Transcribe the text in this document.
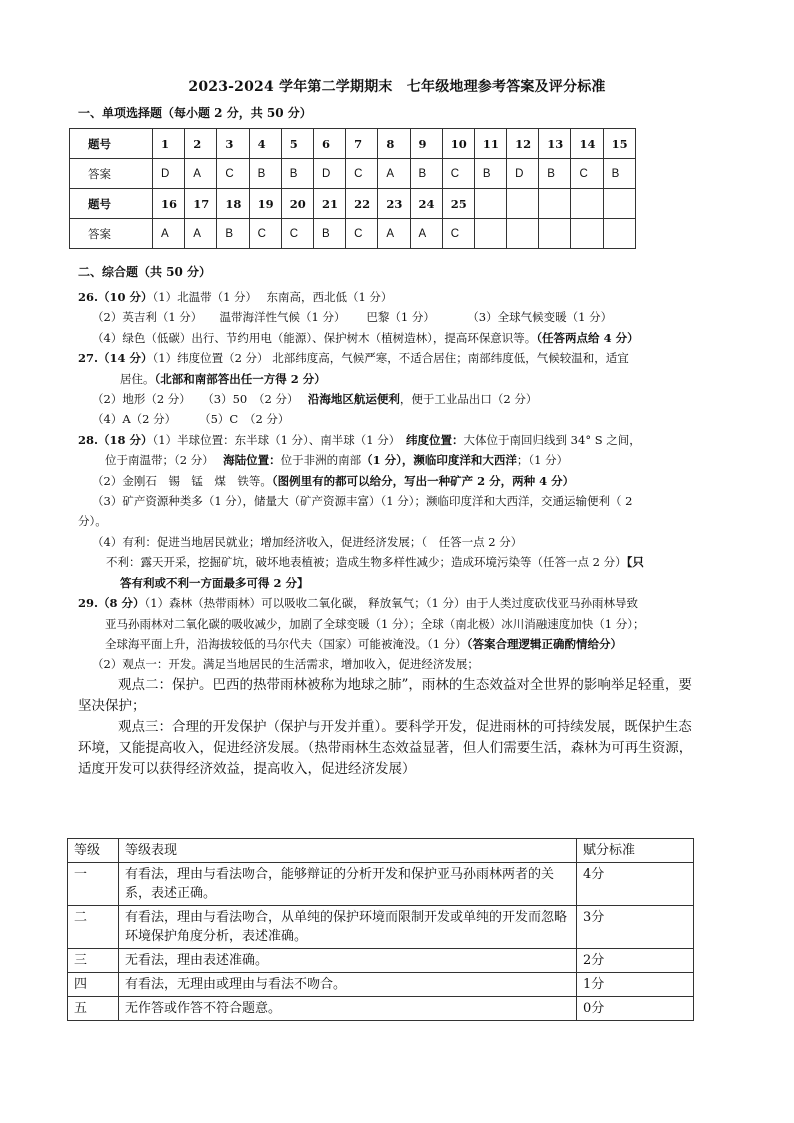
2023-2024 学年第二学期期末　七年级地理参考答案及评分标准
一、单项选择题（每小题 2 分，共 50 分）
题号	1	2	3	4	5	6	7	8	9	10	11	12	13	14	15
答案	D	A	C	B	B	D	C	A	B	C	B	D	B	C	B
题号	16	17	18	19	20	21	22	23	24	25					
答案	A	A	B	C	C	B	C	A	A	C					
二、综合题（共 50 分）
26.（10 分）（1）北温带（1 分）　 东南高，西北低（1 分）
（2）英吉利（1 分）　　温带海洋性气候（1 分）　　 巴黎（1 分）　　　 （3）全球气候变暖（1 分）
（4）绿色（低碳）出行、节约用电（能源）、保护树木（植树造林），提高环保意识等。（任答两点给 4 分）
27.（14 分）（1）纬度位置（2 分） 北部纬度高，气候严寒，不适合居住；南部纬度低，气候较温和，适宜
居住。（北部和南部答出任一方得 2 分）
（2）地形（2 分）　　（3）50　（2 分）　 沿海地区航运便利，便于工业品出口（2 分）
（4）A（2 分）　　　（5）C　（2 分）
28.（18 分）（1）半球位置：东半球（1 分）、南半球（1 分）　纬度位置：大体位于南回归线到 34° S 之间，
位于南温带；（2 分）　 海陆位置：位于非洲的南部（1 分），濒临印度洋和大西洋；（1 分）
（2）金刚石　锡　锰　煤　铁等。（图例里有的都可以给分，写出一种矿产 2 分，两种 4 分）
（3）矿产资源种类多（1 分），储量大（矿产资源丰富）（1 分）；濒临印度洋和大西洋，交通运输便利（ 2
分）。
（4）有利：促进当地居民就业；增加经济收入，促进经济发展；（　任答一点 2 分）
不利：露天开采，挖掘矿坑，破坏地表植被；造成生物多样性减少；造成环境污染等（任答一点 2 分）【只
答有利或不利一方面最多可得 2 分】
29.（8 分）（1）森林（热带雨林）可以吸收二氧化碳， 释放氧气；（1 分）由于人类过度砍伐亚马孙雨林导致
亚马孙雨林对二氧化碳的吸收减少，加剧了全球变暖（1 分）；全球（南北极）冰川消融速度加快（1 分）；
全球海平面上升，沿海拔较低的马尔代夫（国家）可能被淹没。（1 分）（答案合理逻辑正确酌情给分）
（2）观点一：开发。满足当地居民的生活需求，增加收入，促进经济发展；
观点二：保护。巴西的热带雨林被称为地球之肺”，雨林的生态效益对全世界的影响举足轻重，要
坚决保护；
观点三：合理的开发保护（保护与开发并重）。要科学开发，促进雨林的可持续发展，既保护生态
环境，又能提高收入，促进经济发展。（热带雨林生态效益显著，但人们需要生活，森林为可再生资源，
适度开发可以获得经济效益，提高收入，促进经济发展）
等级	等级表现	赋分标准
一	有看法，理由与看法吻合，能够辩证的分析开发和保护亚马孙雨林两者的关系，表述正确。	4分
二	有看法，理由与看法吻合，从单纯的保护环境而限制开发或单纯的开发而忽略环境保护角度分析，表述准确。	3分
三	无看法，理由表述准确。	2分
四	有看法，无理由或理由与看法不吻合。	1分
五	无作答或作答不符合题意。	0分
